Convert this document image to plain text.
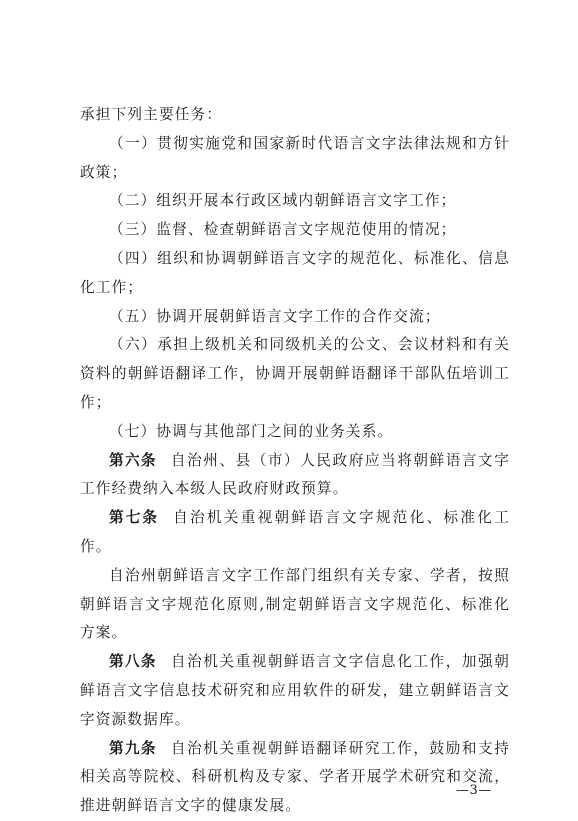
承担下列主要任务：

（一）贯彻实施党和国家新时代语言文字法律法规和方针政策；

（二）组织开展本行政区域内朝鲜语言文字工作；

（三）监督、检查朝鲜语言文字规范使用的情况；

（四）组织和协调朝鲜语言文字的规范化、标准化、信息化工作；

（五）协调开展朝鲜语言文字工作的合作交流；

（六）承担上级机关和同级机关的公文、会议材料和有关资料的朝鲜语翻译工作，协调开展朝鲜语翻译干部队伍培训工作；

（七）协调与其他部门之间的业务关系。

第六条 自治州、县（市）人民政府应当将朝鲜语言文字工作经费纳入本级人民政府财政预算。

第七条 自治机关重视朝鲜语言文字规范化、标准化工作。

自治州朝鲜语言文字工作部门组织有关专家、学者，按照朝鲜语言文字规范化原则,制定朝鲜语言文字规范化、标准化方案。

第八条 自治机关重视朝鲜语言文字信息化工作，加强朝鲜语言文字信息技术研究和应用软件的研发，建立朝鲜语言文字资源数据库。

第九条 自治机关重视朝鲜语翻译研究工作，鼓励和支持相关高等院校、科研机构及专家、学者开展学术研究和交流，推进朝鲜语言文字的健康发展。

—3—
